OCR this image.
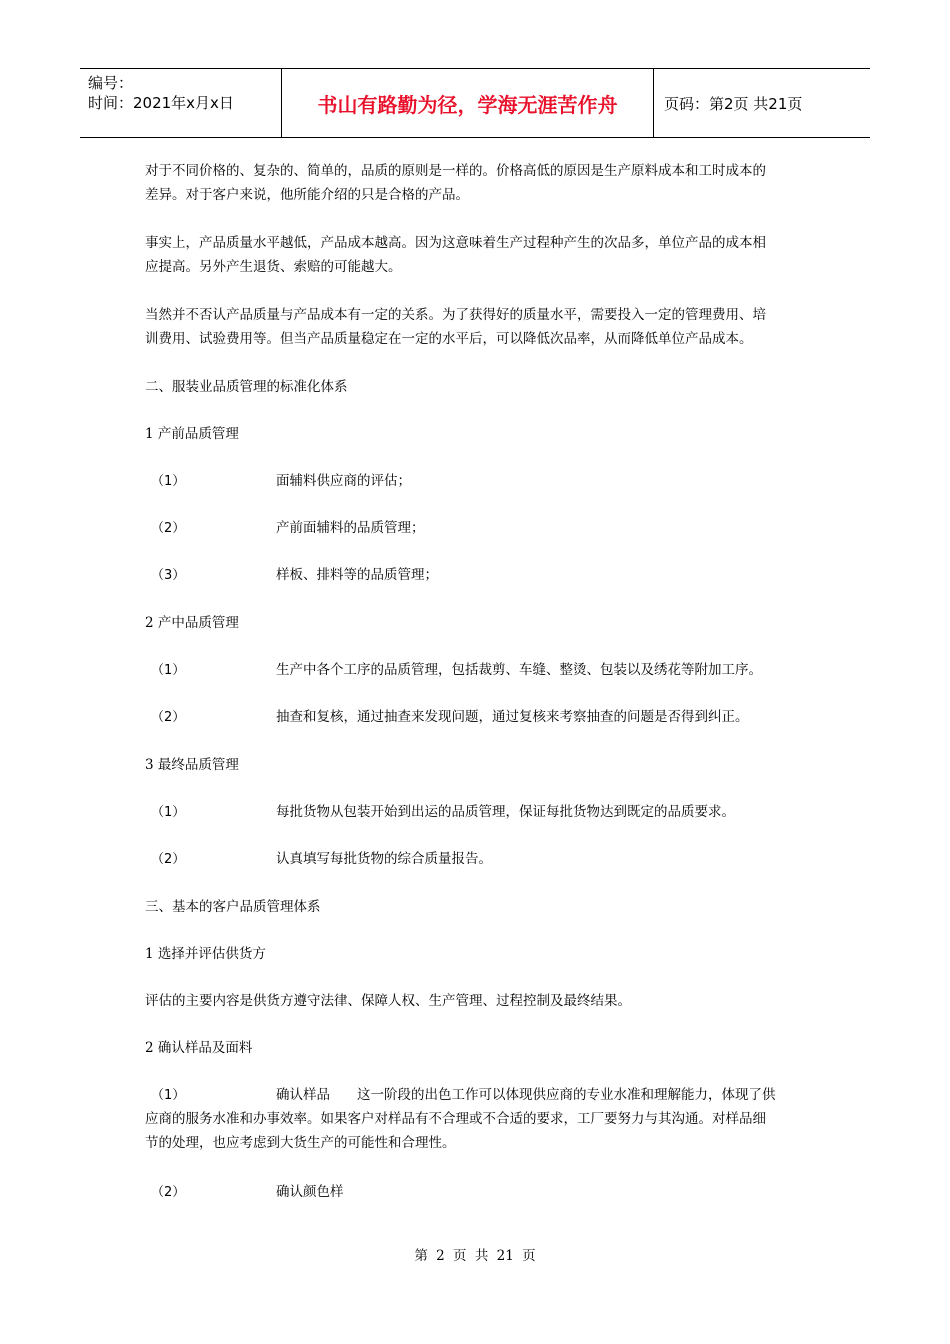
编号：
时间：2021年x月x日	书山有路勤为径，学海无涯苦作舟	页码：第2页 共21页
对于不同价格的、复杂的、简单的，品质的原则是一样的。价格高低的原因是生产原料成本和工时成本的
差异。对于客户来说，他所能介绍的只是合格的产品。
事实上，产品质量水平越低，产品成本越高。因为这意味着生产过程种产生的次品多，单位产品的成本相
应提高。另外产生退货、索赔的可能越大。
当然并不否认产品质量与产品成本有一定的关系。为了获得好的质量水平，需要投入一定的管理费用、培
训费用、试验费用等。但当产品质量稳定在一定的水平后，可以降低次品率，从而降低单位产品成本。
二、服装业品质管理的标准化体系
1 产前品质管理
（1）	面辅料供应商的评估；
（2）	产前面辅料的品质管理；
（3）	样板、排料等的品质管理；
2 产中品质管理
（1）	生产中各个工序的品质管理，包括裁剪、车缝、整烫、包装以及绣花等附加工序。
（2）	抽查和复核，通过抽查来发现问题，通过复核来考察抽查的问题是否得到纠正。
3 最终品质管理
（1）	每批货物从包装开始到出运的品质管理，保证每批货物达到既定的品质要求。
（2）	认真填写每批货物的综合质量报告。
三、基本的客户品质管理体系
1 选择并评估供货方
评估的主要内容是供货方遵守法律、保障人权、生产管理、过程控制及最终结果。
2 确认样品及面料
（1）	确认样品　　这一阶段的出色工作可以体现供应商的专业水准和理解能力，体现了供
应商的服务水准和办事效率。如果客户对样品有不合理或不合适的要求，工厂要努力与其沟通。对样品细
节的处理，也应考虑到大货生产的可能性和合理性。
（2）	确认颜色样
第 2 页 共 21 页
